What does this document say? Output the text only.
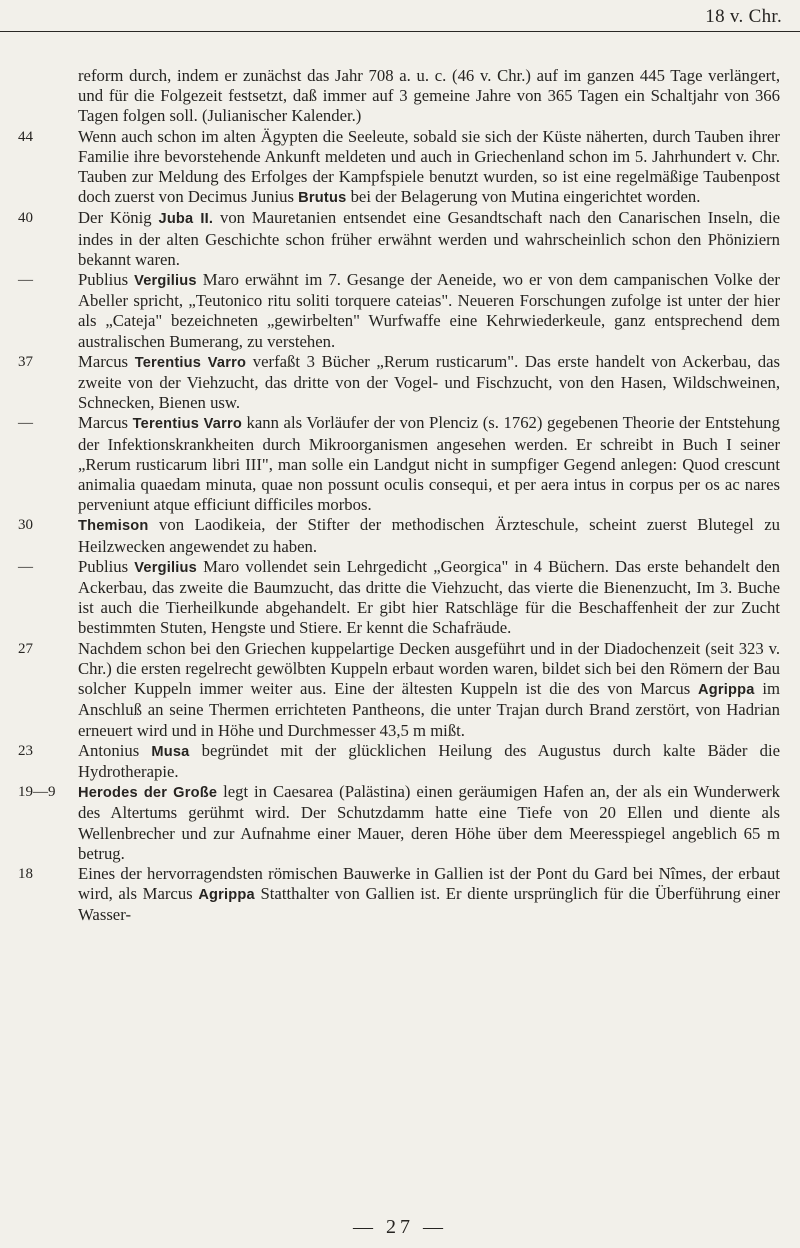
18 v. Chr.
reform durch, indem er zunächst das Jahr 708 a. u. c. (46 v. Chr.) auf im ganzen 445 Tage verlängert, und für die Folgezeit festsetzt, daß immer auf 3 gemeine Jahre von 365 Tagen ein Schaltjahr von 366 Tagen folgen soll. (Julianischer Kalender.)
44	Wenn auch schon im alten Ägypten die Seeleute, sobald sie sich der Küste näherten, durch Tauben ihrer Familie ihre bevorstehende Ankunft meldeten und auch in Griechenland schon im 5. Jahrhundert v. Chr. Tauben zur Meldung des Erfolges der Kampfspiele benutzt wurden, so ist eine regelmäßige Taubenpost doch zuerst von Decimus Junius Brutus bei der Belagerung von Mutina eingerichtet worden.
40	Der König Juba II. von Mauretanien entsendet eine Gesandtschaft nach den Canarischen Inseln, die indes in der alten Geschichte schon früher erwähnt werden und wahrscheinlich schon den Phöniziern bekannt waren.
—	Publius Vergilius Maro erwähnt im 7. Gesange der Aeneide, wo er von dem campanischen Volke der Abeller spricht, „Teutonico ritu soliti torquere cateias". Neueren Forschungen zufolge ist unter der hier als „Cateja" bezeichneten „gewirbelten" Wurfwaffe eine Kehrwiederkeule, ganz entsprechend dem australischen Bumerang, zu verstehen.
37	Marcus Terentius Varro verfaßt 3 Bücher „Rerum rusticarum". Das erste handelt von Ackerbau, das zweite von der Viehzucht, das dritte von der Vogel- und Fischzucht, von den Hasen, Wildschweinen, Schnecken, Bienen usw.
—	Marcus Terentius Varro kann als Vorläufer der von Plenciz (s. 1762) gegebenen Theorie der Entstehung der Infektionskrankheiten durch Mikroorganismen angesehen werden. Er schreibt in Buch I seiner „Rerum rusticarum libri III", man solle ein Landgut nicht in sumpfiger Gegend anlegen: Quod crescunt animalia quaedam minuta, quae non possunt oculis consequi, et per aera intus in corpus per os ac nares perveniunt atque efficiunt difficiles morbos.
30	Themison von Laodikeia, der Stifter der methodischen Ärzteschule, scheint zuerst Blutegel zu Heilzwecken angewendet zu haben.
—	Publius Vergilius Maro vollendet sein Lehrgedicht „Georgica" in 4 Büchern. Das erste behandelt den Ackerbau, das zweite die Baumzucht, das dritte die Viehzucht, das vierte die Bienenzucht, Im 3. Buche ist auch die Tierheilkunde abgehandelt. Er gibt hier Ratschläge für die Beschaffenheit der zur Zucht bestimmten Stuten, Hengste und Stiere. Er kennt die Schafräude.
27	Nachdem schon bei den Griechen kuppelartige Decken ausgeführt und in der Diadochenzeit (seit 323 v. Chr.) die ersten regelrecht gewölbten Kuppeln erbaut worden waren, bildet sich bei den Römern der Bau solcher Kuppeln immer weiter aus. Eine der ältesten Kuppeln ist die des von Marcus Agrippa im Anschluß an seine Thermen errichteten Pantheons, die unter Trajan durch Brand zerstört, von Hadrian erneuert wird und in Höhe und Durchmesser 43,5 m mißt.
23	Antonius Musa begründet mit der glücklichen Heilung des Augustus durch kalte Bäder die Hydrotherapie.
19—9	Herodes der Große legt in Caesarea (Palästina) einen geräumigen Hafen an, der als ein Wunderwerk des Altertums gerühmt wird. Der Schutzdamm hatte eine Tiefe von 20 Ellen und diente als Wellenbrecher und zur Aufnahme einer Mauer, deren Höhe über dem Meeresspiegel angeblich 65 m betrug.
18	Eines der hervorragendsten römischen Bauwerke in Gallien ist der Pont du Gard bei Nîmes, der erbaut wird, als Marcus Agrippa Statthalter von Gallien ist. Er diente ursprünglich für die Überführung einer Wasser-
— 27 —
